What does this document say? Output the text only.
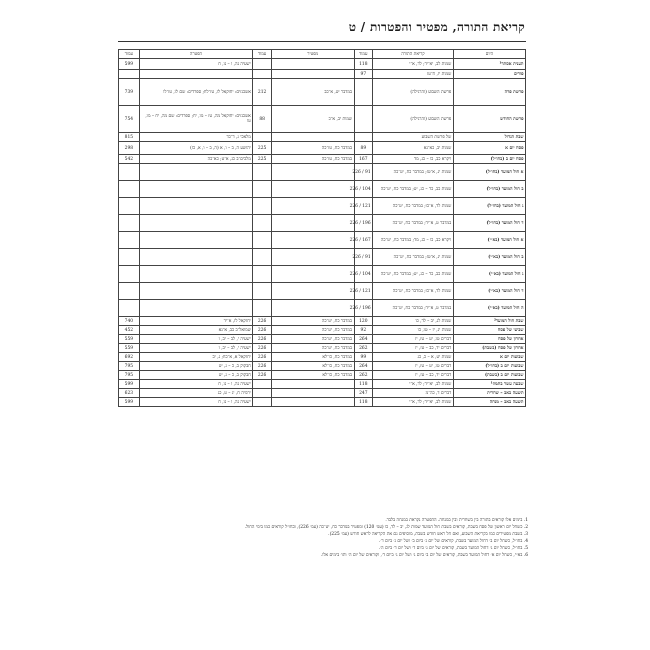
קריאת התורה, מפטיר והפטרות / ט
היום	קריאת התורה	עמוד	מפטיר	עמוד	הפטרה	עמוד
תענית אסתר¹	שמות לב, יא־יד; לד, א־י	118			ישעיה נה, ו – נו, ח	599
פורים	שמות יז, ח־טז	97				
פרשת פרה	פרשת השבוע (והרגילה)		במדבר יט, א־כב	212	אשכנזים: יחזקאל לו, טז־לח; ספרדים: שם לו, טז־לו	739
פרשת החודש	פרשת השבוע (והרגילה)		שמות יב, א־כ	88	אשכנזים: יחזקאל מה, טז – מו, יח; ספרדים: שם מה, יח – מו, טו	754
שבת הגדול	של פרשת השבוע				מלאכי ג, ד־כד	815
פסח יום א	שמות יב, כא־נא	89	במדבר כח, טז־כה	225	יהושע ה, ב – ו, א (ה, ב – ו, א, כז)	298
פסח יום ב (בחו״ל)	ויקרא כב, כו – כג, מד	167	במדבר כח, טז־כה	225	מלכים־ב כג, א־ט; כא־כה	542
א חול המועד (בחו״ל)	שמות יג, א־טז; במדבר כח, יט־כה	91 / 226				
ב חול המועד (בחו״ל)	שמות כב, כד – כג, יט; במדבר כח, יט־כה	104 / 226				
ג חול המועד (בחו״ל)	שמות לד, א־כו; במדבר כח, יט־כה	121 / 226				
ד חול המועד (בחו״ל)	במדבר ט, א־יד; במדבר כח, יט־כה	196 / 226				
א חול המועד (בא״י)	ויקרא כב, כו – כג, מד; במדבר כח, יט־כה	167 / 226				
ב חול המועד (בא״י)	שמות יג, א־טז; במדבר כח, יט־כה	91 / 226				
ג חול המועד (בא״י)	שמות כב, כד – כג, יט; במדבר כח, יט־כה	104 / 226				
ד חול המועד (בא״י)	שמות לד, א־כו; במדבר כח, יט־כה	121 / 226				
ה חול המועד (בא״י)	במדבר ט, א־יד; במדבר כח, יט־כה	196 / 226				
שבת חול המועד²	שמות לג, יב – לד, כו	120	במדבר כח, יט־כה	226	יחזקאל לז, א־יד	740
שביעי של פסח	שמות יג, יז – טו, כו	92	במדבר כח, יט־כה	226	שמואל־ב כב, א־נא	452
אחרון של פסח	דברים טו, יט – טז, יז	264	במדבר כח, יט־כה	226	ישעיה י, לב – יב, ו	559
אחרון של פסח (בשבת)	דברים יד, כב – טז, יז	262	במדבר כח, יט־כה	226	ישעיה י, לב – יב, ו	559
שבועות יום א	שמות יט, א – כ, כג	99	במדבר כח, כו־לא	226	יחזקאל א, א־כח; ג, יב	692
שבועות יום ב (בחו״ל)	דברים טו, יט – טז, יז	264	במדבר כח, כו־לא	226	חבקוק ב, כ – ג, יט	795
שבועות יום ב (בשבת)	דברים יד, כב – טז, יז	262	במדבר כח, כו־לא	226	חבקוק ב, כ – ג, יט	795
שבעה עשר בתמוז¹	שמות לב, יא־יד; לד, א־י	118			ישעיה נה, ו – נו, ח	599
תשעה באב – שחרית	דברים ד, כה־מ	247			ירמיה ח, יג – ט, כג	623
תשעה באב – מנחה	שמות לב, יא־יד; לד, א־י	118			ישעיה נה, ו – נו, ח	599

1. בימים אלו קוראים בתורה בין בשחרית ובין במנחה. ההפטרה נקראת במנחה בלבד.

2. כשחל יום ראשון של פסח בשבת, קוראים בשבת חול המועד שמות לג, יב – לד, כו (עמ׳ 120) ומפטיר במדבר כח, יט־כה (עמ׳ 226), ובחו״ל קוראים כמו בימי החול.

3. בשבת מפטירים כמו בקריאת השבוע, ואם חל ראש חודש בשבת, מוסיפים גם את הקריאה לראש חודש (עמ׳ 225).

4. בחו״ל, כשחל יום ב׳ דחול המועד בשבת, קוראים של יום ג׳ ביום ב׳ ושל יום ג׳ ביום ד׳.

5. בחו״ל, כשחל יום ג׳ דחול המועד בשבת, קוראים של יום ג׳ ביום ד׳ ושל יום ד׳ ביום ה׳.

6. בא״י, כשחל יום א׳ דחול המועד בשבת, קוראים של יום ב׳ ביום ג׳ ושל יום ג׳ ביום ד׳, וקוראים של יום ה׳ ותו׳ בימים אלו.
